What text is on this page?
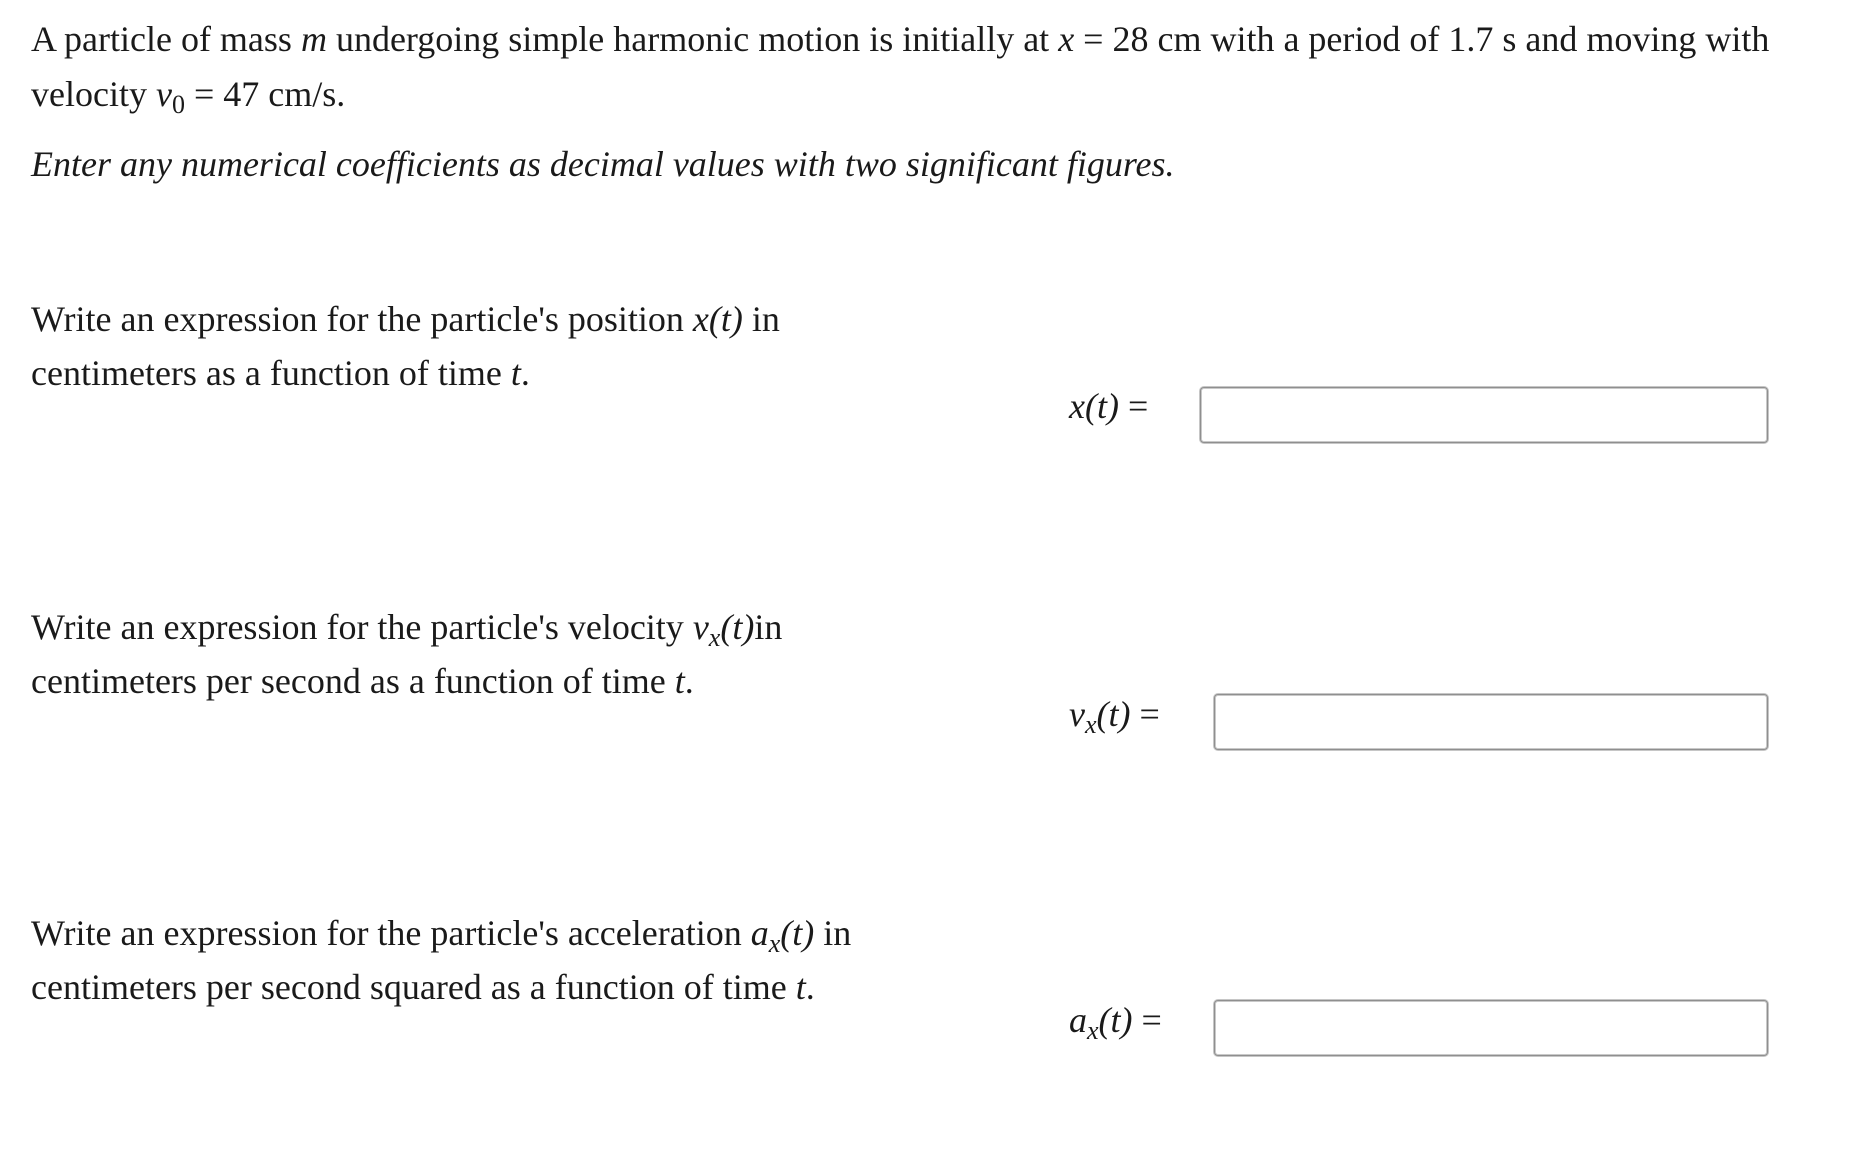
A particle of mass m undergoing simple harmonic motion is initially at x = 28 cm with a period of 1.7 s and moving with

velocity $v_0 = 47$ cm/s.

Enter any numerical coefficients as decimal values with two significant figures.

Write an expression for the particle's position x(t) in

centimeters as a function of time t.

x(t) =

Write an expression for the particle's velocity $v_x(t)in$

centimeters per second as a function of time t.

$v_x(t)$ =

Write an expression for the particle's acceleration $a_x(t)$ in

centimeters per second squared as a function of time t.

$a_x(t)$ =
